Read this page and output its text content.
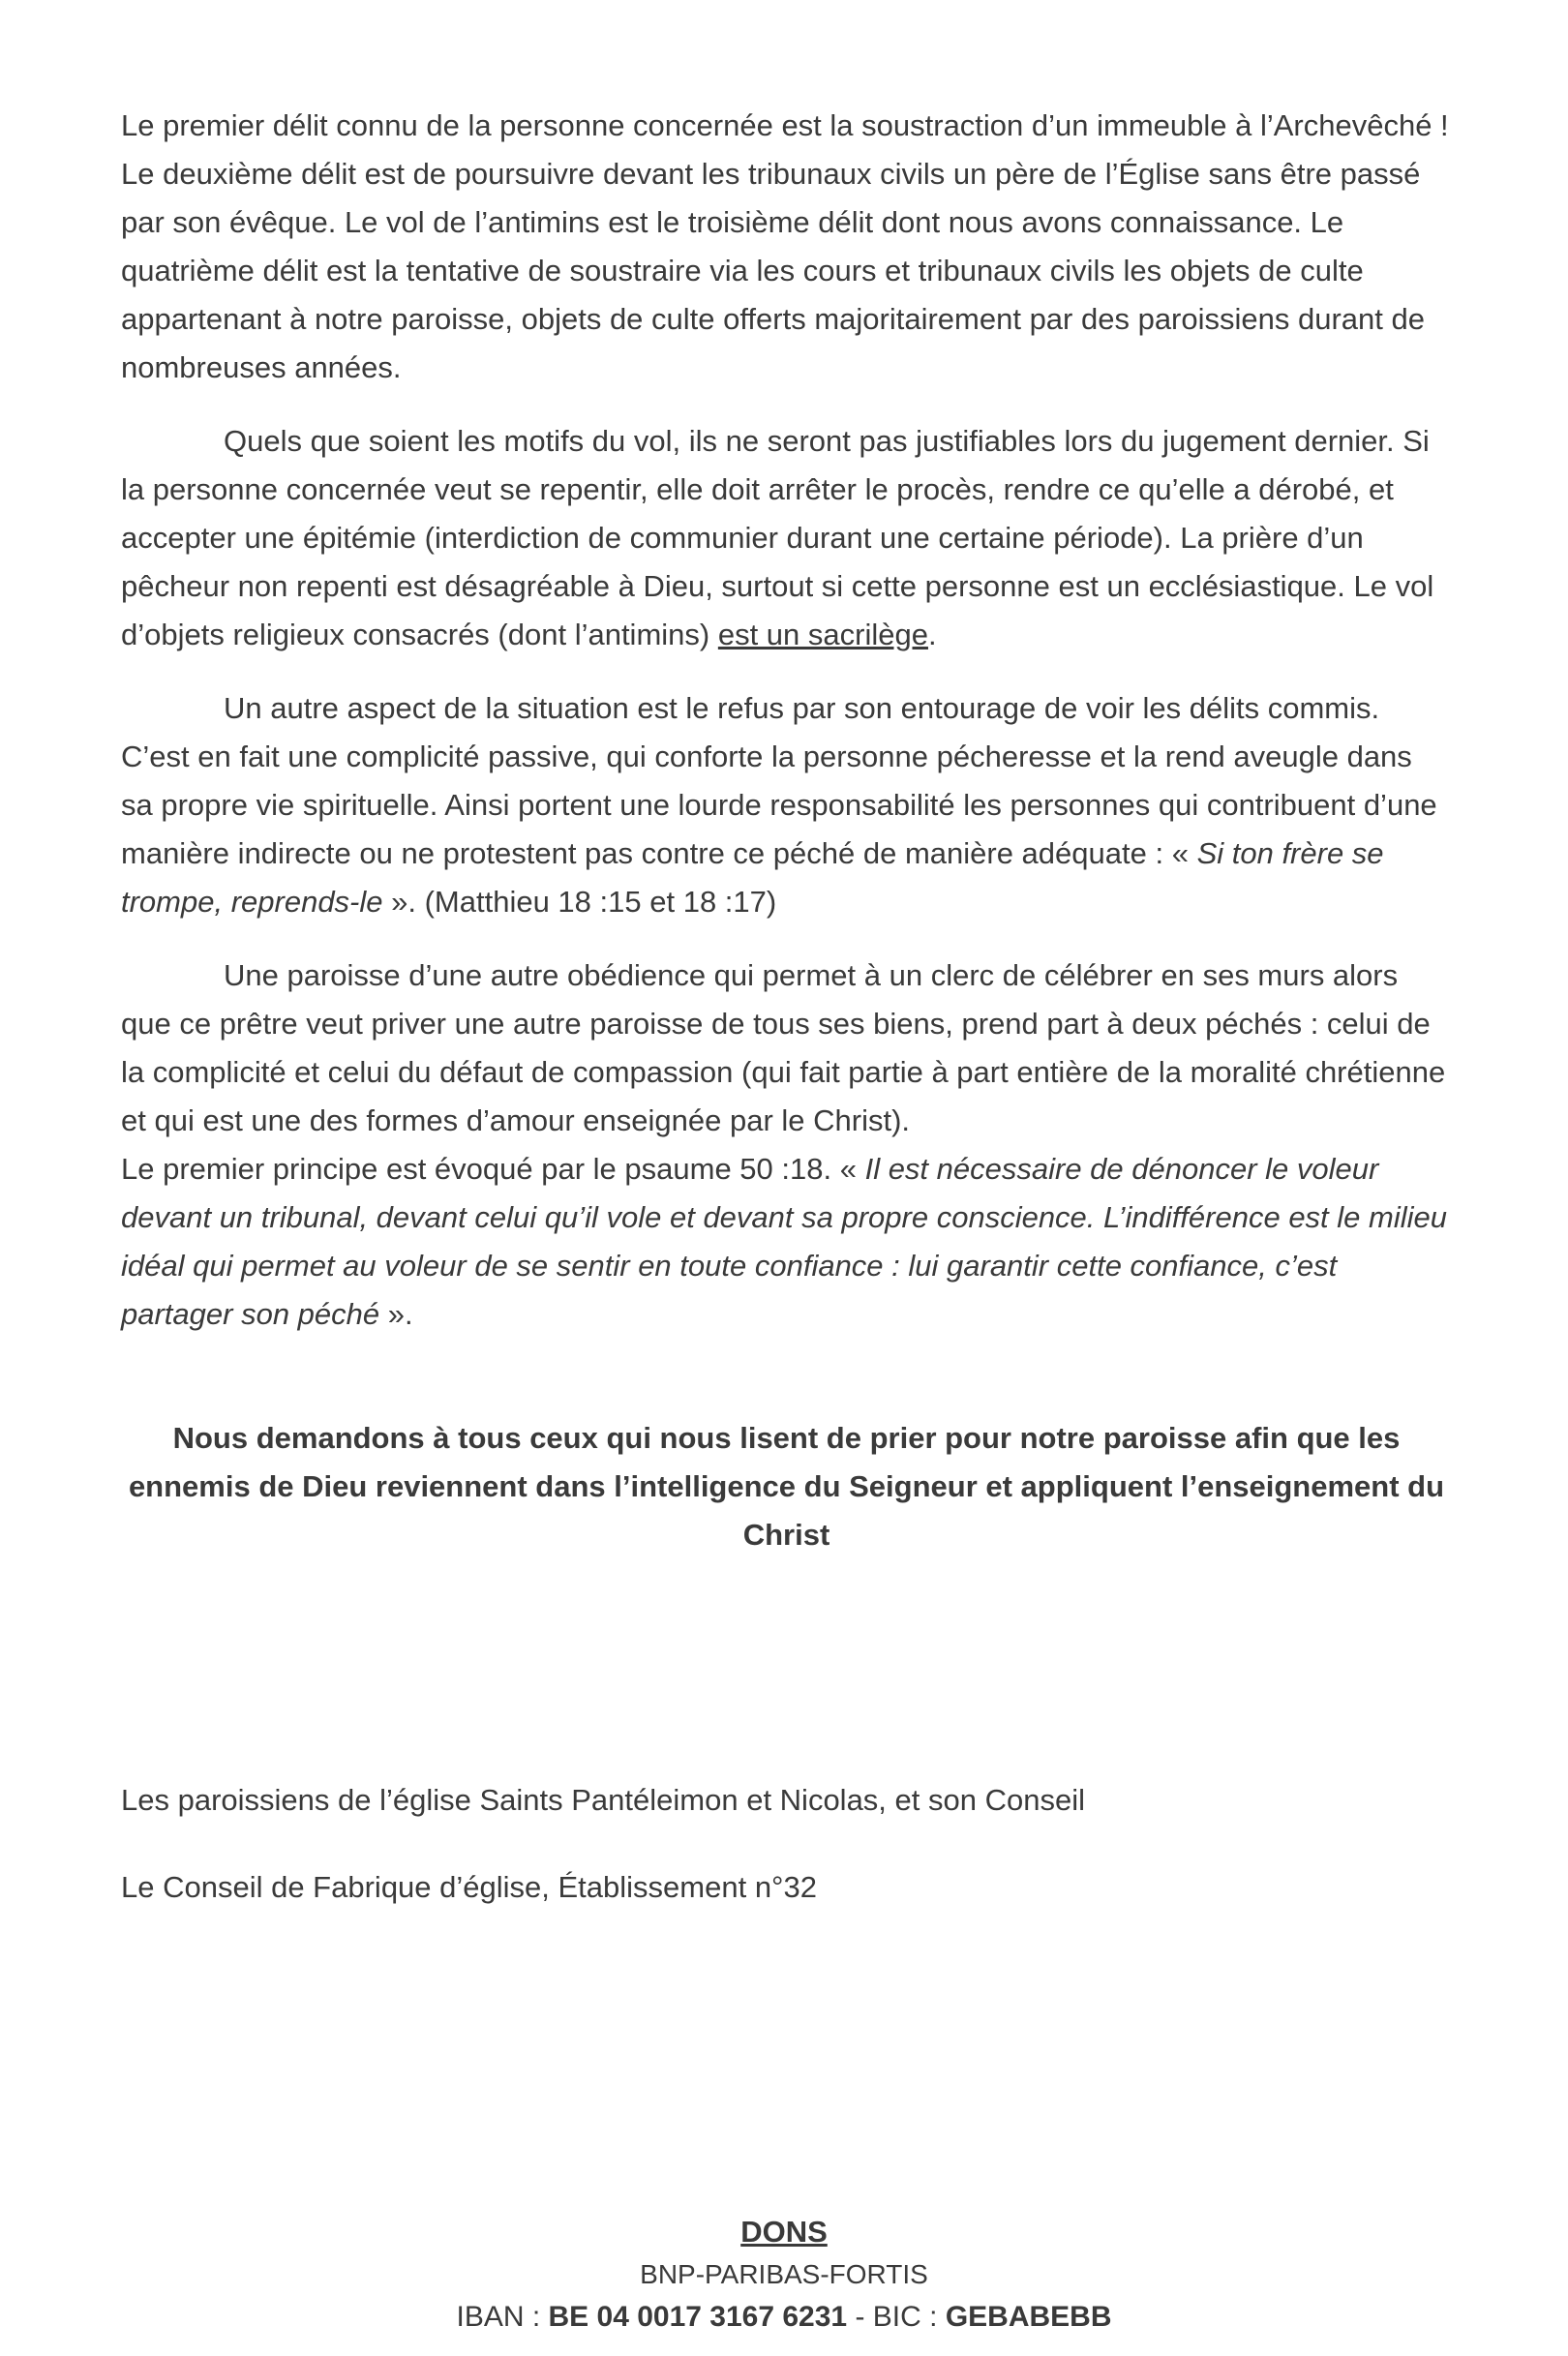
Le premier délit connu de la personne concernée est la soustraction d’un immeuble à l’Archevêché ! Le deuxième délit est de poursuivre devant les tribunaux civils un père de l’Église sans être passé par son évêque. Le vol de l’antimins est le troisième délit dont nous avons connaissance. Le quatrième délit est la tentative de soustraire via les cours et tribunaux civils les objets de culte appartenant à notre paroisse, objets de culte offerts majoritairement par des paroissiens durant de nombreuses années.

Quels que soient les motifs du vol, ils ne seront pas justifiables lors du jugement dernier. Si la personne concernée veut se repentir, elle doit arrêter le procès, rendre ce qu’elle a dérobé, et accepter une épitémie (interdiction de communier durant une certaine période). La prière d’un pêcheur non repenti est désagréable à Dieu, surtout si cette personne est un ecclésiastique. Le vol d’objets religieux consacrés (dont l’antimins) est un sacrilège.

Un autre aspect de la situation est le refus par son entourage de voir les délits commis. C’est en fait une complicité passive, qui conforte la personne pécheresse et la rend aveugle dans sa propre vie spirituelle. Ainsi portent une lourde responsabilité les personnes qui contribuent d’une manière indirecte ou ne protestent pas contre ce péché de manière adéquate : « Si ton frère se trompe, reprends-le ». (Matthieu 18 :15 et 18 :17)

Une paroisse d’une autre obédience qui permet à un clerc de célébrer en ses murs alors que ce prêtre veut priver une autre paroisse de tous ses biens, prend part à deux péchés : celui de la complicité et celui du défaut de compassion (qui fait partie à part entière de la moralité chrétienne et qui est une des formes d’amour enseignée par le Christ).

Le premier principe est évoqué par le psaume 50 :18. « Il est nécessaire de dénoncer le voleur devant un tribunal, devant celui qu’il vole et devant sa propre conscience. L’indifférence est le milieu idéal qui permet au voleur de se sentir en toute confiance : lui garantir cette confiance, c’est partager son péché ».

Nous demandons à tous ceux qui nous lisent de prier pour notre paroisse afin que les ennemis de Dieu reviennent dans l’intelligence du Seigneur et appliquent l’enseignement du Christ

Les paroissiens de l’église Saints Pantéleimon et Nicolas, et son Conseil

Le Conseil de Fabrique d’église, Établissement n°32

DONS

BNP-PARIBAS-FORTIS

IBAN : BE 04 0017 3167 6231 - BIC : GEBABEBB
